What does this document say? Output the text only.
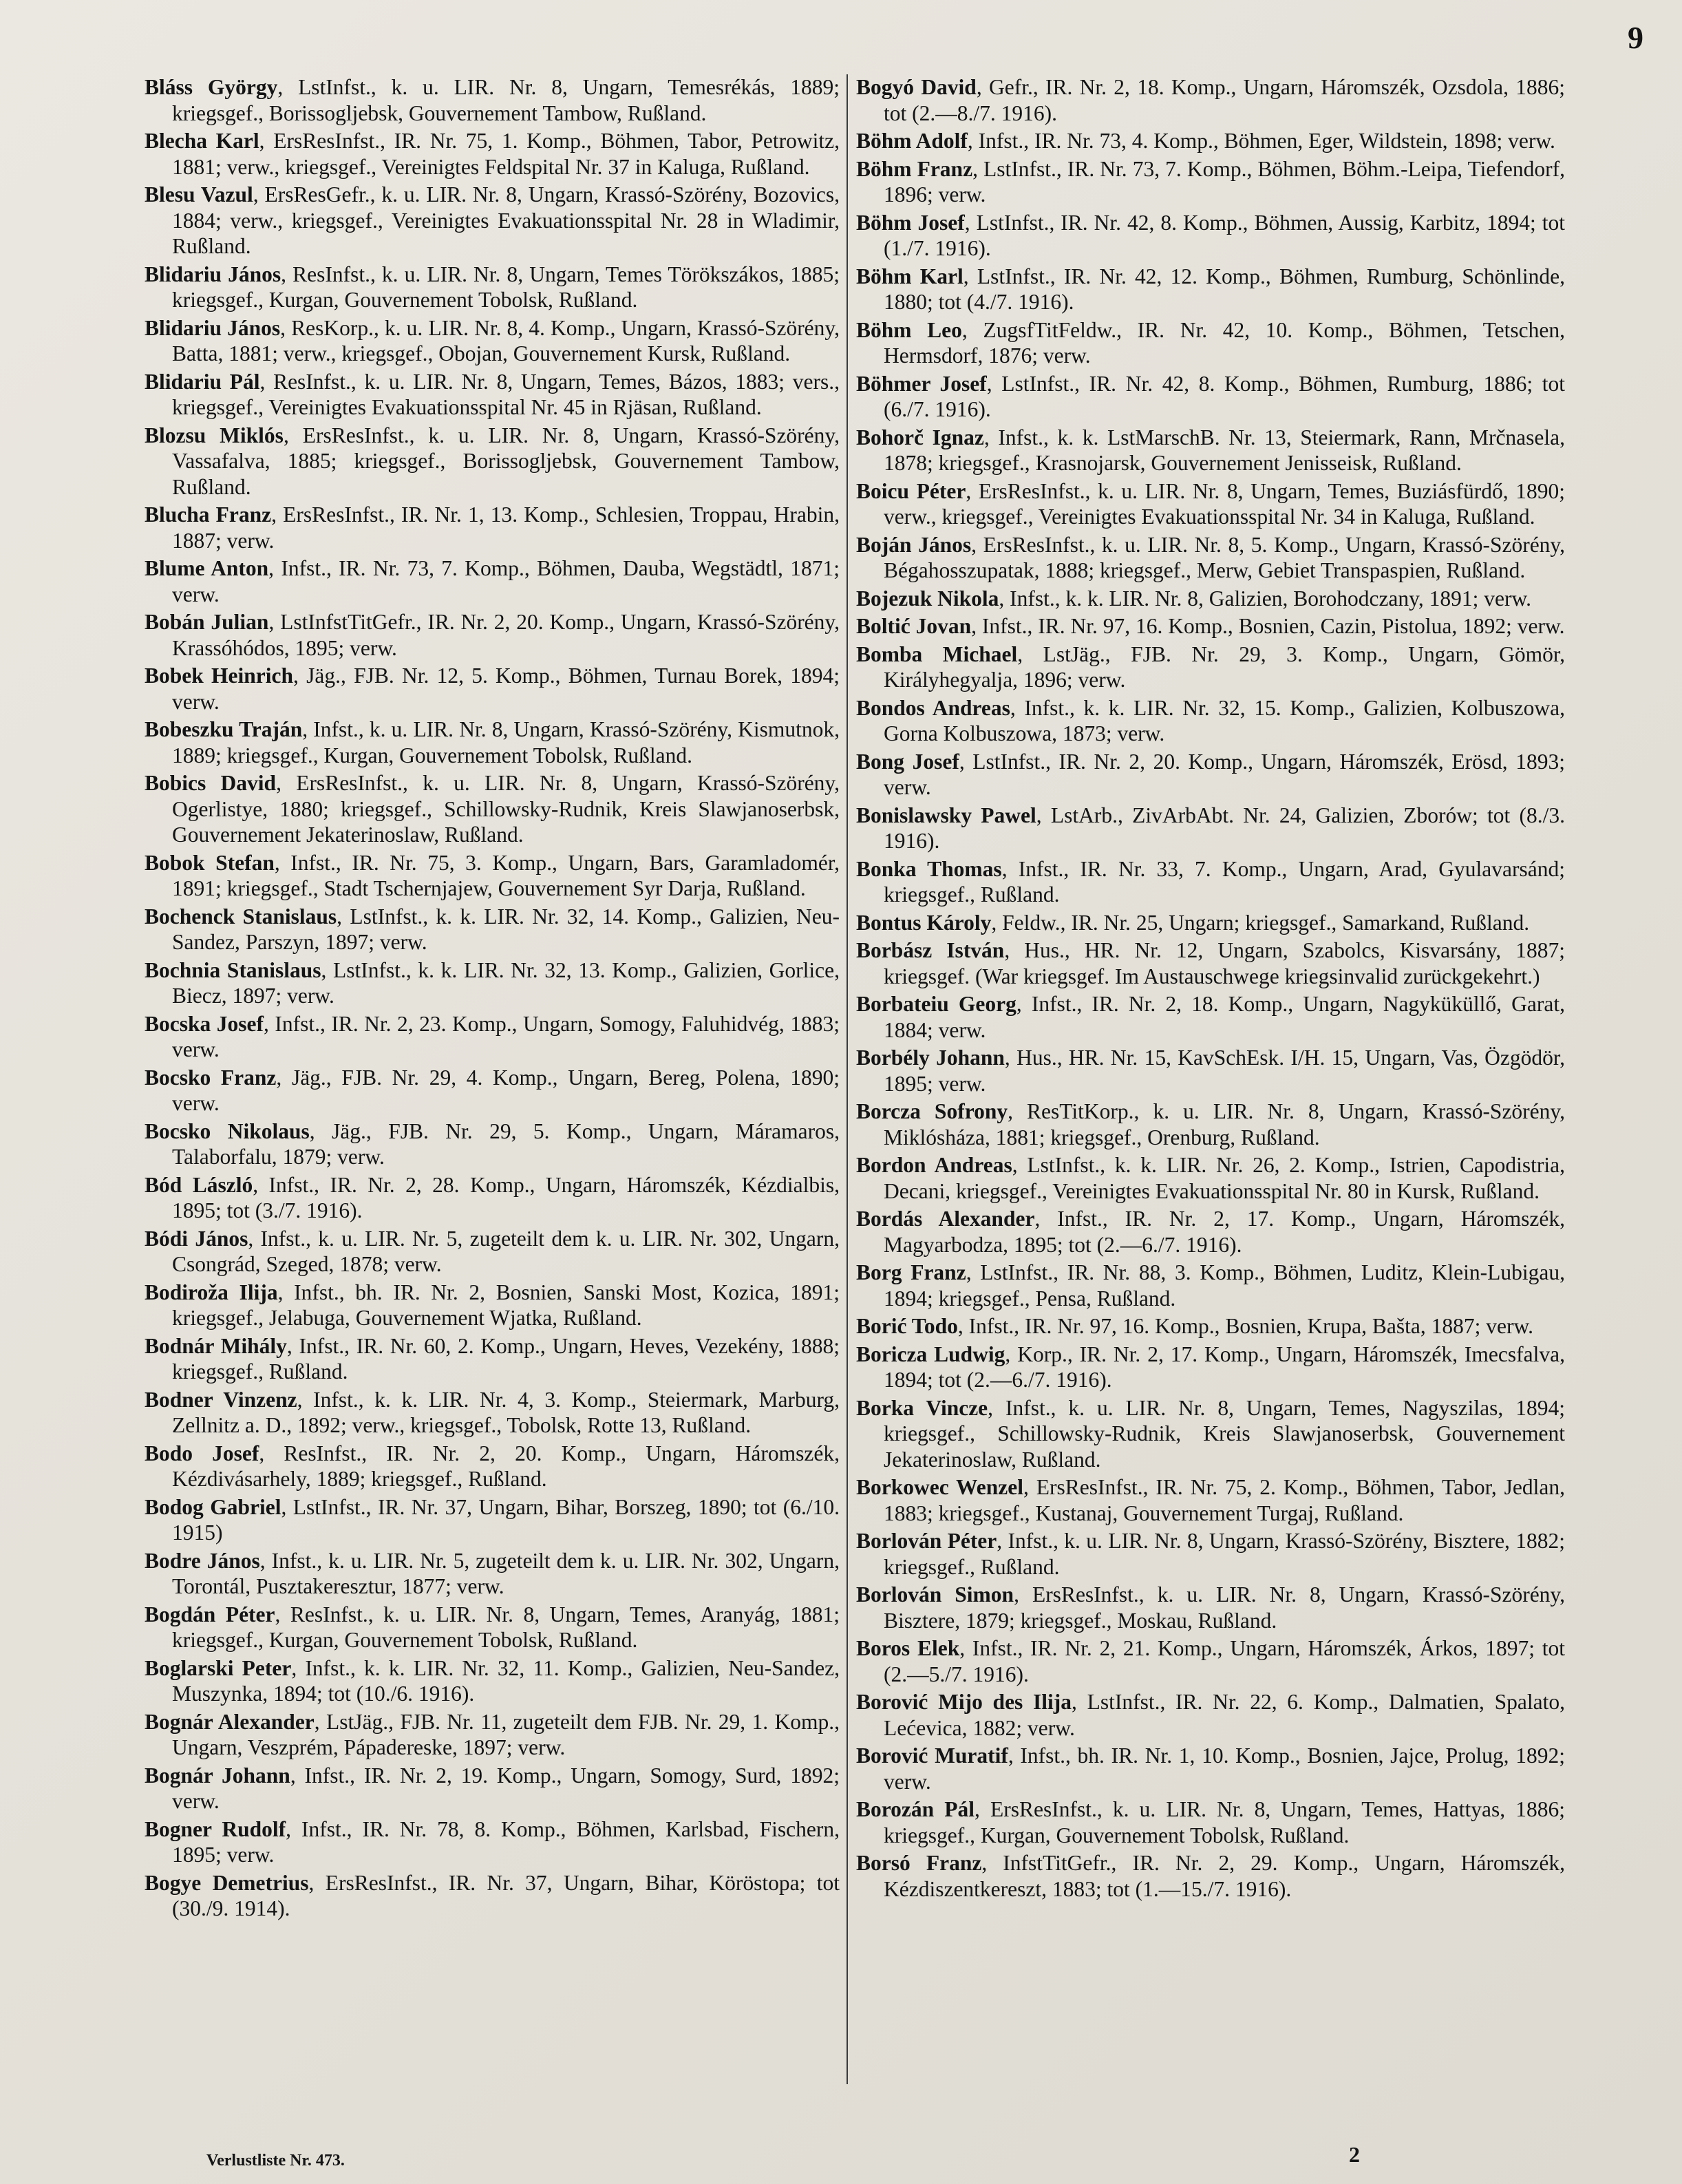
9

Bláss György, LstInfst., k. u. LIR. Nr. 8, Ungarn, Temesrékás, 1889; kriegsgef., Borissogljebsk, Gouvernement Tambow, Rußland.

Blecha Karl, ErsResInfst., IR. Nr. 75, 1. Komp., Böhmen, Tabor, Petrowitz, 1881; verw., kriegsgef., Vereinigtes Feldspital Nr. 37 in Kaluga, Rußland.

Blesu Vazul, ErsResGefr., k. u. LIR. Nr. 8, Ungarn, Krassó-Szörény, Bozovics, 1884; verw., kriegsgef., Vereinigtes Evakuationsspital Nr. 28 in Wladimir, Rußland.

Blidariu János, ResInfst., k. u. LIR. Nr. 8, Ungarn, Temes Törökszákos, 1885; kriegsgef., Kurgan, Gouvernement Tobolsk, Rußland.

Blidariu János, ResKorp., k. u. LIR. Nr. 8, 4. Komp., Ungarn, Krassó-Szörény, Batta, 1881; verw., kriegsgef., Obojan, Gouvernement Kursk, Rußland.

Blidariu Pál, ResInfst., k. u. LIR. Nr. 8, Ungarn, Temes, Bázos, 1883; vers., kriegsgef., Vereinigtes Evakuationsspital Nr. 45 in Rjäsan, Rußland.

Blozsu Miklós, ErsResInfst., k. u. LIR. Nr. 8, Ungarn, Krassó-Szörény, Vassafalva, 1885; kriegsgef., Borissogljebsk, Gouvernement Tambow, Rußland.

Blucha Franz, ErsResInfst., IR. Nr. 1, 13. Komp., Schlesien, Troppau, Hrabin, 1887; verw.

Blume Anton, Infst., IR. Nr. 73, 7. Komp., Böhmen, Dauba, Wegstädtl, 1871; verw.

Bobán Julian, LstInfstTitGefr., IR. Nr. 2, 20. Komp., Ungarn, Krassó-Szörény, Krassóhódos, 1895; verw.

Bobek Heinrich, Jäg., FJB. Nr. 12, 5. Komp., Böhmen, Turnau Borek, 1894; verw.

Bobeszku Traján, Infst., k. u. LIR. Nr. 8, Ungarn, Krassó-Szörény, Kismutnok, 1889; kriegsgef., Kurgan, Gouvernement Tobolsk, Rußland.

Bobics David, ErsResInfst., k. u. LIR. Nr. 8, Ungarn, Krassó-Szörény, Ogerlistye, 1880; kriegsgef., Schillowsky-Rudnik, Kreis Slawjanoserbsk, Gouvernement Jekaterinoslaw, Rußland.

Bobok Stefan, Infst., IR. Nr. 75, 3. Komp., Ungarn, Bars, Garamladomér, 1891; kriegsgef., Stadt Tschernjajew, Gouvernement Syr Darja, Rußland.

Bochenck Stanislaus, LstInfst., k. k. LIR. Nr. 32, 14. Komp., Galizien, Neu-Sandez, Parszyn, 1897; verw.

Bochnia Stanislaus, LstInfst., k. k. LIR. Nr. 32, 13. Komp., Galizien, Gorlice, Biecz, 1897; verw.

Bocska Josef, Infst., IR. Nr. 2, 23. Komp., Ungarn, Somogy, Faluhidvég, 1883; verw.

Bocsko Franz, Jäg., FJB. Nr. 29, 4. Komp., Ungarn, Bereg, Polena, 1890; verw.

Bocsko Nikolaus, Jäg., FJB. Nr. 29, 5. Komp., Ungarn, Máramaros, Talaborfalu, 1879; verw.

Bód László, Infst., IR. Nr. 2, 28. Komp., Ungarn, Háromszék, Kézdialbis, 1895; tot (3./7. 1916).

Bódi János, Infst., k. u. LIR. Nr. 5, zugeteilt dem k. u. LIR. Nr. 302, Ungarn, Csongrád, Szeged, 1878; verw.

Bodiroža Ilija, Infst., bh. IR. Nr. 2, Bosnien, Sanski Most, Kozica, 1891; kriegsgef., Jelabuga, Gouvernement Wjatka, Rußland.

Bodnár Mihály, Infst., IR. Nr. 60, 2. Komp., Ungarn, Heves, Vezekény, 1888; kriegsgef., Rußland.

Bodner Vinzenz, Infst., k. k. LIR. Nr. 4, 3. Komp., Steiermark, Marburg, Zellnitz a. D., 1892; verw., kriegsgef., Tobolsk, Rotte 13, Rußland.

Bodo Josef, ResInfst., IR. Nr. 2, 20. Komp., Ungarn, Háromszék, Kézdivásarhely, 1889; kriegsgef., Rußland.

Bodog Gabriel, LstInfst., IR. Nr. 37, Ungarn, Bihar, Borszeg, 1890; tot (6./10. 1915)

Bodre János, Infst., k. u. LIR. Nr. 5, zugeteilt dem k. u. LIR. Nr. 302, Ungarn, Torontál, Pusztakeresztur, 1877; verw.

Bogdán Péter, ResInfst., k. u. LIR. Nr. 8, Ungarn, Temes, Aranyág, 1881; kriegsgef., Kurgan, Gouvernement Tobolsk, Rußland.

Boglarski Peter, Infst., k. k. LIR. Nr. 32, 11. Komp., Galizien, Neu-Sandez, Muszynka, 1894; tot (10./6. 1916).

Bognár Alexander, LstJäg., FJB. Nr. 11, zugeteilt dem FJB. Nr. 29, 1. Komp., Ungarn, Veszprém, Pápadereske, 1897; verw.

Bognár Johann, Infst., IR. Nr. 2, 19. Komp., Ungarn, Somogy, Surd, 1892; verw.

Bogner Rudolf, Infst., IR. Nr. 78, 8. Komp., Böhmen, Karlsbad, Fischern, 1895; verw.

Bogye Demetrius, ErsResInfst., IR. Nr. 37, Ungarn, Bihar, Köröstopa; tot (30./9. 1914).

Bogyó David, Gefr., IR. Nr. 2, 18. Komp., Ungarn, Háromszék, Ozsdola, 1886; tot (2.—8./7. 1916).

Böhm Adolf, Infst., IR. Nr. 73, 4. Komp., Böhmen, Eger, Wildstein, 1898; verw.

Böhm Franz, LstInfst., IR. Nr. 73, 7. Komp., Böhmen, Böhm.-Leipa, Tiefendorf, 1896; verw.

Böhm Josef, LstInfst., IR. Nr. 42, 8. Komp., Böhmen, Aussig, Karbitz, 1894; tot (1./7. 1916).

Böhm Karl, LstInfst., IR. Nr. 42, 12. Komp., Böhmen, Rumburg, Schönlinde, 1880; tot (4./7. 1916).

Böhm Leo, ZugsfTitFeldw., IR. Nr. 42, 10. Komp., Böhmen, Tetschen, Hermsdorf, 1876; verw.

Böhmer Josef, LstInfst., IR. Nr. 42, 8. Komp., Böhmen, Rumburg, 1886; tot (6./7. 1916).

Bohorč Ignaz, Infst., k. k. LstMarschB. Nr. 13, Steiermark, Rann, Mrčnasela, 1878; kriegsgef., Krasnojarsk, Gouvernement Jenisseisk, Rußland.

Boicu Péter, ErsResInfst., k. u. LIR. Nr. 8, Ungarn, Temes, Buziásfürdő, 1890; verw., kriegsgef., Vereinigtes Evakuationsspital Nr. 34 in Kaluga, Rußland.

Boján János, ErsResInfst., k. u. LIR. Nr. 8, 5. Komp., Ungarn, Krassó-Szörény, Bégahosszupatak, 1888; kriegsgef., Merw, Gebiet Transpaspien, Rußland.

Bojezuk Nikola, Infst., k. k. LIR. Nr. 8, Galizien, Borohodczany, 1891; verw.

Boltić Jovan, Infst., IR. Nr. 97, 16. Komp., Bosnien, Cazin, Pistolua, 1892; verw.

Bomba Michael, LstJäg., FJB. Nr. 29, 3. Komp., Ungarn, Gömör, Királyhegyalja, 1896; verw.

Bondos Andreas, Infst., k. k. LIR. Nr. 32, 15. Komp., Galizien, Kolbuszowa, Gorna Kolbuszowa, 1873; verw.

Bong Josef, LstInfst., IR. Nr. 2, 20. Komp., Ungarn, Háromszék, Erösd, 1893; verw.

Bonislawsky Pawel, LstArb., ZivArbAbt. Nr. 24, Galizien, Zborów; tot (8./3. 1916).

Bonka Thomas, Infst., IR. Nr. 33, 7. Komp., Ungarn, Arad, Gyulavarsánd; kriegsgef., Rußland.

Bontus Károly, Feldw., IR. Nr. 25, Ungarn; kriegsgef., Samarkand, Rußland.

Borbász István, Hus., HR. Nr. 12, Ungarn, Szabolcs, Kisvarsány, 1887; kriegsgef. (War kriegsgef. Im Austauschwege kriegsinvalid zurückgekehrt.)

Borbateiu Georg, Infst., IR. Nr. 2, 18. Komp., Ungarn, Nagyküküllő, Garat, 1884; verw.

Borbély Johann, Hus., HR. Nr. 15, KavSchEsk. I/H. 15, Ungarn, Vas, Özgödör, 1895; verw.

Borcza Sofrony, ResTitKorp., k. u. LIR. Nr. 8, Ungarn, Krassó-Szörény, Miklósháza, 1881; kriegsgef., Orenburg, Rußland.

Bordon Andreas, LstInfst., k. k. LIR. Nr. 26, 2. Komp., Istrien, Capodistria, Decani, kriegsgef., Vereinigtes Evakuationsspital Nr. 80 in Kursk, Rußland.

Bordás Alexander, Infst., IR. Nr. 2, 17. Komp., Ungarn, Háromszék, Magyarbodza, 1895; tot (2.—6./7. 1916).

Borg Franz, LstInfst., IR. Nr. 88, 3. Komp., Böhmen, Luditz, Klein-Lubigau, 1894; kriegsgef., Pensa, Rußland.

Borić Todo, Infst., IR. Nr. 97, 16. Komp., Bosnien, Krupa, Bašta, 1887; verw.

Boricza Ludwig, Korp., IR. Nr. 2, 17. Komp., Ungarn, Háromszék, Imecsfalva, 1894; tot (2.—6./7. 1916).

Borka Vincze, Infst., k. u. LIR. Nr. 8, Ungarn, Temes, Nagyszilas, 1894; kriegsgef., Schillowsky-Rudnik, Kreis Slawjanoserbsk, Gouvernement Jekaterinoslaw, Rußland.

Borkowec Wenzel, ErsResInfst., IR. Nr. 75, 2. Komp., Böhmen, Tabor, Jedlan, 1883; kriegsgef., Kustanaj, Gouvernement Turgaj, Rußland.

Borlován Péter, Infst., k. u. LIR. Nr. 8, Ungarn, Krassó-Szörény, Bisztere, 1882; kriegsgef., Rußland.

Borlován Simon, ErsResInfst., k. u. LIR. Nr. 8, Ungarn, Krassó-Szörény, Bisztere, 1879; kriegsgef., Moskau, Rußland.

Boros Elek, Infst., IR. Nr. 2, 21. Komp., Ungarn, Háromszék, Árkos, 1897; tot (2.—5./7. 1916).

Borović Mijo des Ilija, LstInfst., IR. Nr. 22, 6. Komp., Dalmatien, Spalato, Lećevica, 1882; verw.

Borović Muratif, Infst., bh. IR. Nr. 1, 10. Komp., Bosnien, Jajce, Prolug, 1892; verw.

Borozán Pál, ErsResInfst., k. u. LIR. Nr. 8, Ungarn, Temes, Hattyas, 1886; kriegsgef., Kurgan, Gouvernement Tobolsk, Rußland.

Borsó Franz, InfstTitGefr., IR. Nr. 2, 29. Komp., Ungarn, Háromszék, Kézdiszentkereszt, 1883; tot (1.—15./7. 1916).

Verlustliste Nr. 473.	2
